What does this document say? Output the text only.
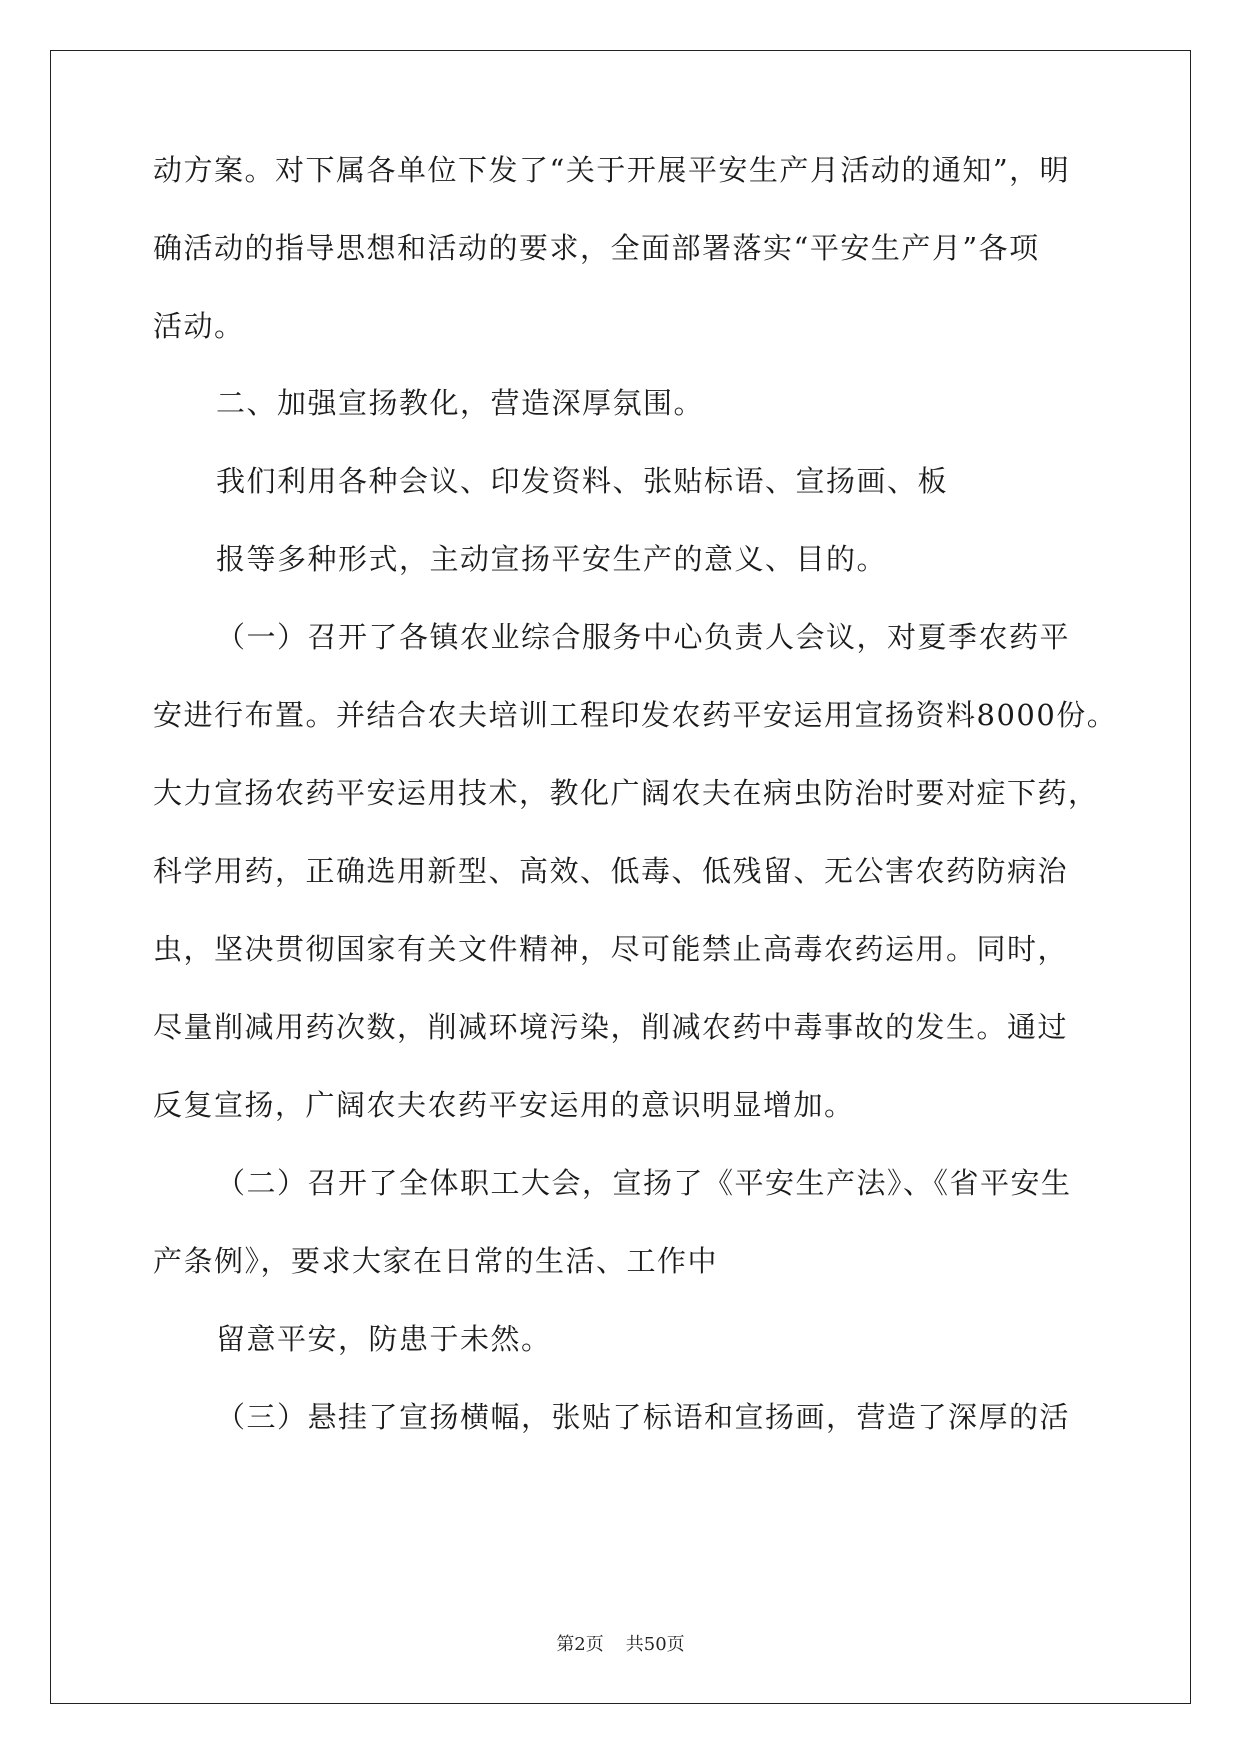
动方案。对下属各单位下发了“关于开展平安生产月活动的通知”，明
确活动的指导思想和活动的要求，全面部署落实“平安生产月”各项
活动。
二、加强宣扬教化，营造深厚氛围。
我们利用各种会议、印发资料、张贴标语、宣扬画、板
报等多种形式，主动宣扬平安生产的意义、目的。
（一）召开了各镇农业综合服务中心负责人会议，对夏季农药平
安进行布置。并结合农夫培训工程印发农药平安运用宣扬资料8000份。
大力宣扬农药平安运用技术，教化广阔农夫在病虫防治时要对症下药，
科学用药，正确选用新型、高效、低毒、低残留、无公害农药防病治
虫，坚决贯彻国家有关文件精神，尽可能禁止高毒农药运用。同时，
尽量削减用药次数，削减环境污染，削减农药中毒事故的发生。通过
反复宣扬，广阔农夫农药平安运用的意识明显增加。
（二）召开了全体职工大会，宣扬了《平安生产法》、《省平安生
产条例》，要求大家在日常的生活、工作中
留意平安，防患于未然。
（三）悬挂了宣扬横幅，张贴了标语和宣扬画，营造了深厚的活
第2页 共50页
